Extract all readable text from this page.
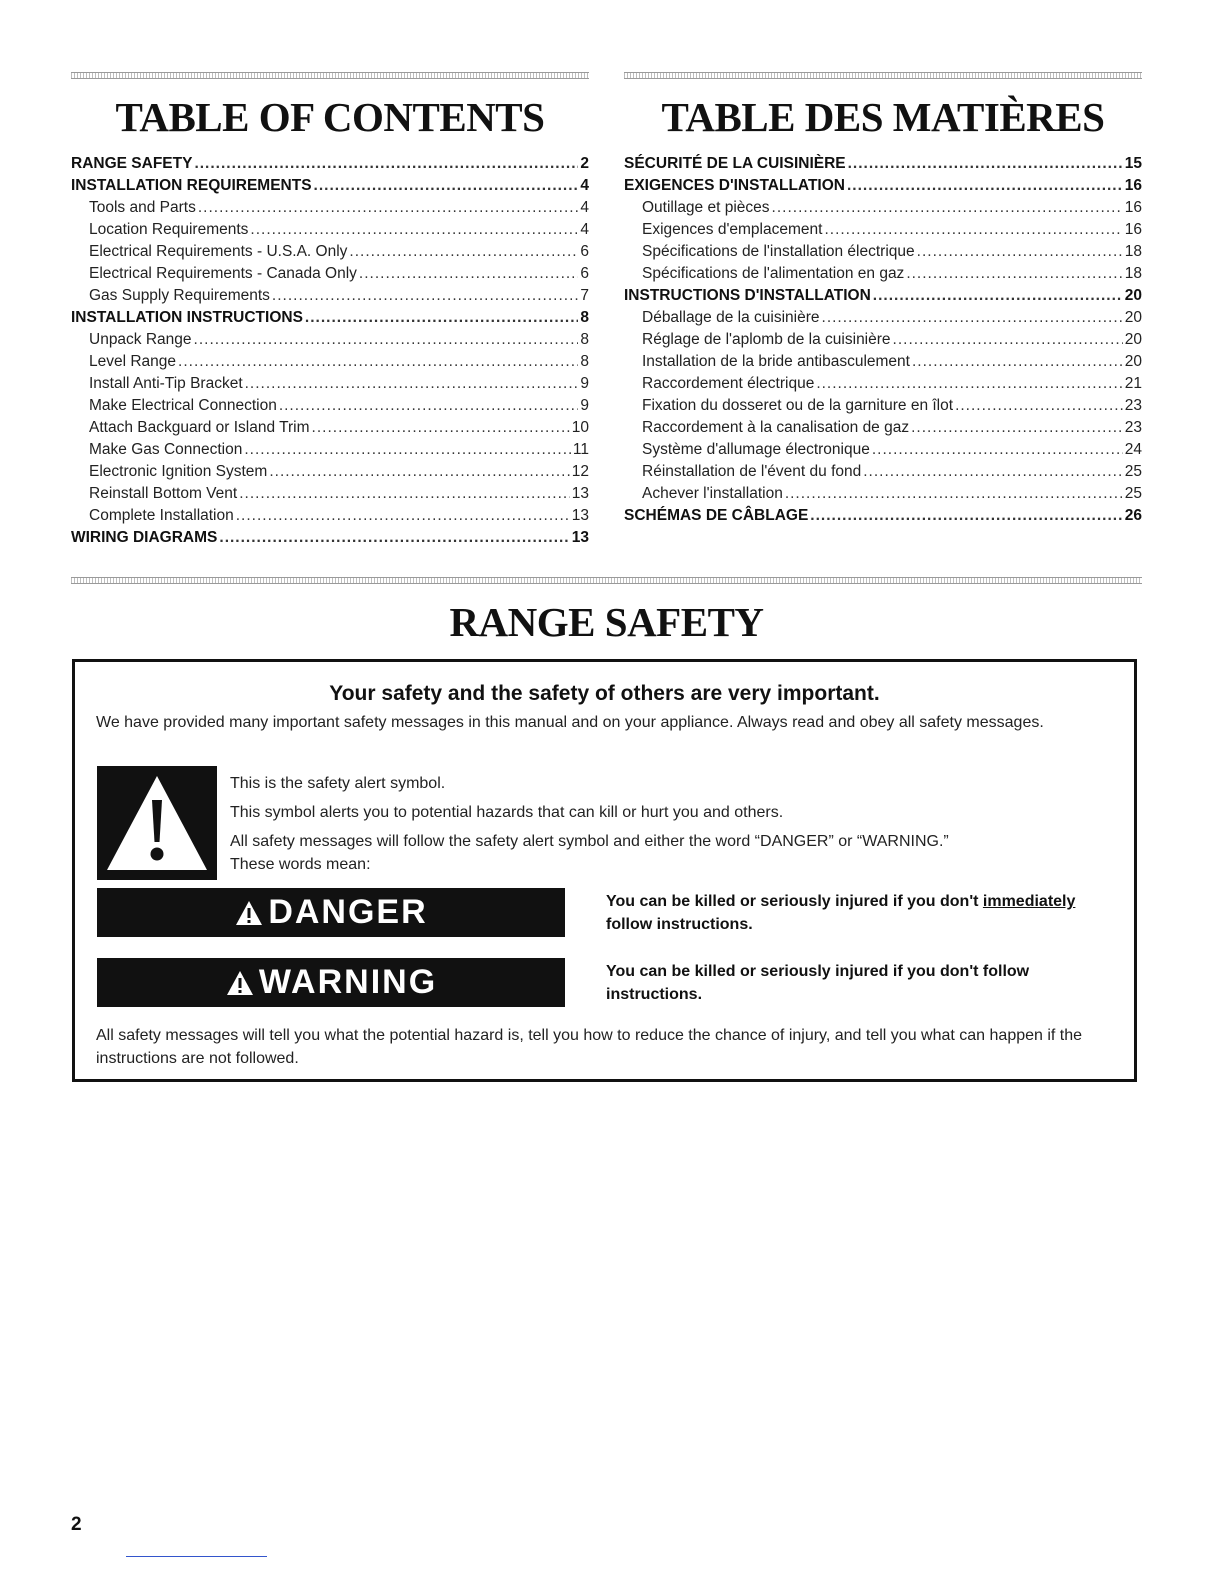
TABLE OF CONTENTS
RANGE SAFETY .....	2
INSTALLATION REQUIREMENTS .....	4
Tools and Parts .....	4
Location Requirements .....	4
Electrical Requirements - U.S.A. Only .....	6
Electrical Requirements - Canada Only .....	6
Gas Supply Requirements .....	7
INSTALLATION INSTRUCTIONS .....	8
Unpack Range .....	8
Level Range .....	8
Install Anti-Tip Bracket .....	9
Make Electrical Connection .....	9
Attach Backguard or Island Trim .....	10
Make Gas Connection .....	11
Electronic Ignition System .....	12
Reinstall Bottom Vent .....	13
Complete Installation .....	13
WIRING DIAGRAMS .....	13
TABLE DES MATIÈRES
SÉCURITÉ DE LA CUISINIÈRE .....	15
EXIGENCES D'INSTALLATION .....	16
Outillage et pièces .....	16
Exigences d'emplacement .....	16
Spécifications de l'installation électrique .....	18
Spécifications de l'alimentation en gaz .....	18
INSTRUCTIONS D'INSTALLATION .....	20
Déballage de la cuisinière .....	20
Réglage de l'aplomb de la cuisinière .....	20
Installation de la bride antibasculement .....	20
Raccordement électrique .....	21
Fixation du dosseret ou de la garniture en îlot .....	23
Raccordement à la canalisation de gaz .....	23
Système d'allumage électronique .....	24
Réinstallation de l'évent du fond .....	25
Achever l'installation .....	25
SCHÉMAS DE CÂBLAGE .....	26
RANGE SAFETY
Your safety and the safety of others are very important.
We have provided many important safety messages in this manual and on your appliance. Always read and obey all safety messages.
This is the safety alert symbol.
This symbol alerts you to potential hazards that can kill or hurt you and others.
All safety messages will follow the safety alert symbol and either the word “DANGER” or “WARNING.”
These words mean:
DANGER	You can be killed or seriously injured if you don't immediately follow instructions.
WARNING	You can be killed or seriously injured if you don't follow instructions.
All safety messages will tell you what the potential hazard is, tell you how to reduce the chance of injury, and tell you what can happen if the instructions are not followed.
2
